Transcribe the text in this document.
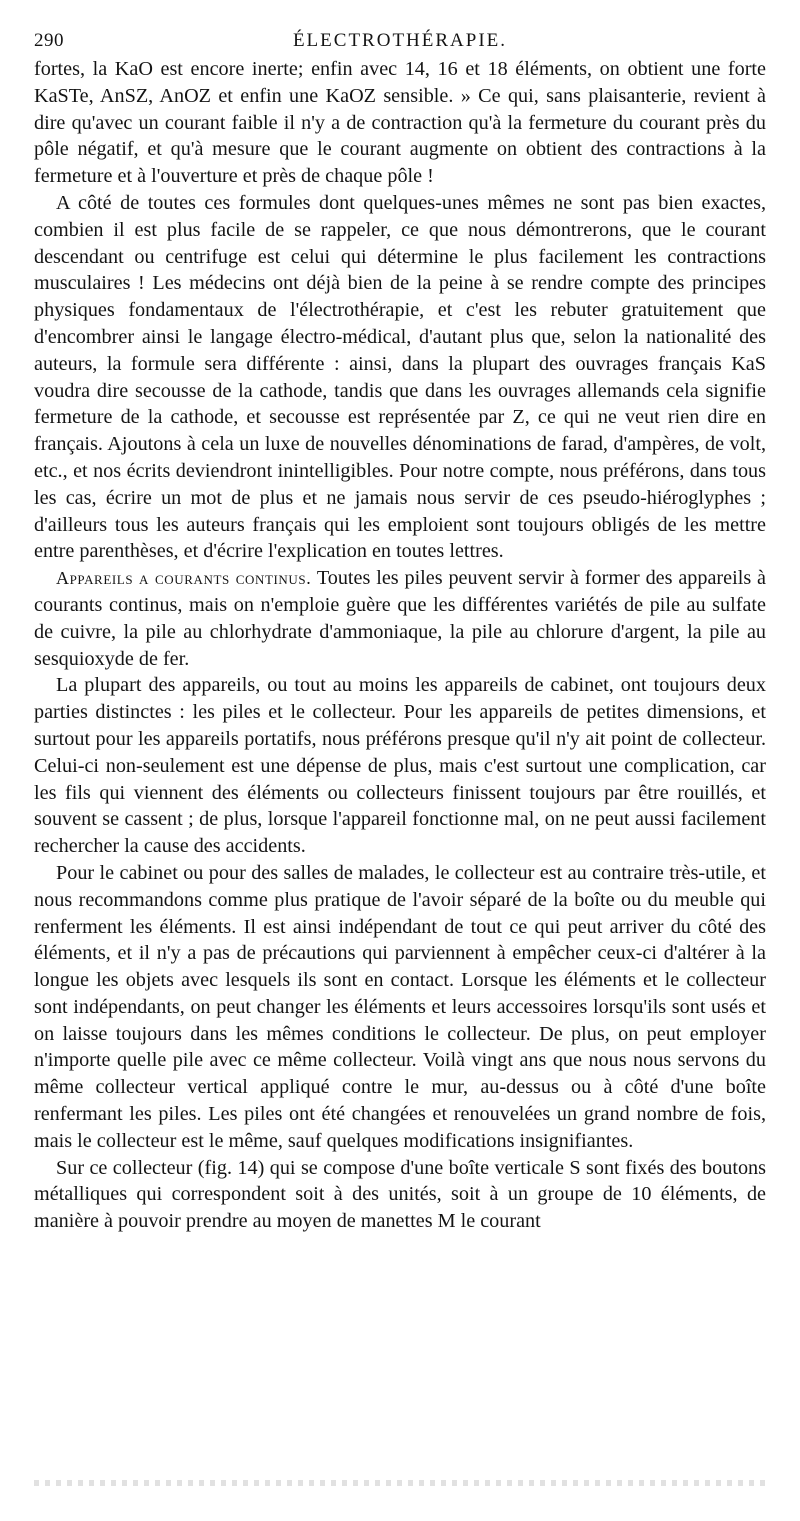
290	ÉLECTROTHÉRAPIE.

fortes, la KaO est encore inerte; enfin avec 14, 16 et 18 éléments, on obtient une forte KaSTe, AnSZ, AnOZ et enfin une KaOZ sensible. » Ce qui, sans plaisanterie, revient à dire qu'avec un courant faible il n'y a de contraction qu'à la fermeture du courant près du pôle négatif, et qu'à mesure que le courant augmente on obtient des contractions à la fermeture et à l'ouverture et près de chaque pôle !

A côté de toutes ces formules dont quelques-unes mêmes ne sont pas bien exactes, combien il est plus facile de se rappeler, ce que nous démontrerons, que le courant descendant ou centrifuge est celui qui détermine le plus facilement les contractions musculaires ! Les médecins ont déjà bien de la peine à se rendre compte des principes physiques fondamentaux de l'électrothérapie, et c'est les rebuter gratuitement que d'encombrer ainsi le langage électro-médical, d'autant plus que, selon la nationalité des auteurs, la formule sera différente : ainsi, dans la plupart des ouvrages français KaS voudra dire secousse de la cathode, tandis que dans les ouvrages allemands cela signifie fermeture de la cathode, et secousse est représentée par Z, ce qui ne veut rien dire en français. Ajoutons à cela un luxe de nouvelles dénominations de farad, d'ampères, de volt, etc., et nos écrits deviendront inintelligibles. Pour notre compte, nous préférons, dans tous les cas, écrire un mot de plus et ne jamais nous servir de ces pseudo-hiéroglyphes ; d'ailleurs tous les auteurs français qui les emploient sont toujours obligés de les mettre entre parenthèses, et d'écrire l'explication en toutes lettres.

Appareils a courants continus. Toutes les piles peuvent servir à former des appareils à courants continus, mais on n'emploie guère que les différentes variétés de pile au sulfate de cuivre, la pile au chlorhydrate d'ammoniaque, la pile au chlorure d'argent, la pile au sesquioxyde de fer.

La plupart des appareils, ou tout au moins les appareils de cabinet, ont toujours deux parties distinctes : les piles et le collecteur. Pour les appareils de petites dimensions, et surtout pour les appareils portatifs, nous préférons presque qu'il n'y ait point de collecteur. Celui-ci non-seulement est une dépense de plus, mais c'est surtout une complication, car les fils qui viennent des éléments ou collecteurs finissent toujours par être rouillés, et souvent se cassent ; de plus, lorsque l'appareil fonctionne mal, on ne peut aussi facilement rechercher la cause des accidents.

Pour le cabinet ou pour des salles de malades, le collecteur est au contraire très-utile, et nous recommandons comme plus pratique de l'avoir séparé de la boîte ou du meuble qui renferment les éléments. Il est ainsi indépendant de tout ce qui peut arriver du côté des éléments, et il n'y a pas de précautions qui parviennent à empêcher ceux-ci d'altérer à la longue les objets avec lesquels ils sont en contact. Lorsque les éléments et le collecteur sont indépendants, on peut changer les éléments et leurs accessoires lorsqu'ils sont usés et on laisse toujours dans les mêmes conditions le collecteur. De plus, on peut employer n'importe quelle pile avec ce même collecteur. Voilà vingt ans que nous nous servons du même collecteur vertical appliqué contre le mur, au-dessus ou à côté d'une boîte renfermant les piles. Les piles ont été changées et renouvelées un grand nombre de fois, mais le collecteur est le même, sauf quelques modifications insignifiantes.

Sur ce collecteur (fig. 14) qui se compose d'une boîte verticale S sont fixés des boutons métalliques qui correspondent soit à des unités, soit à un groupe de 10 éléments, de manière à pouvoir prendre au moyen de manettes M le courant
